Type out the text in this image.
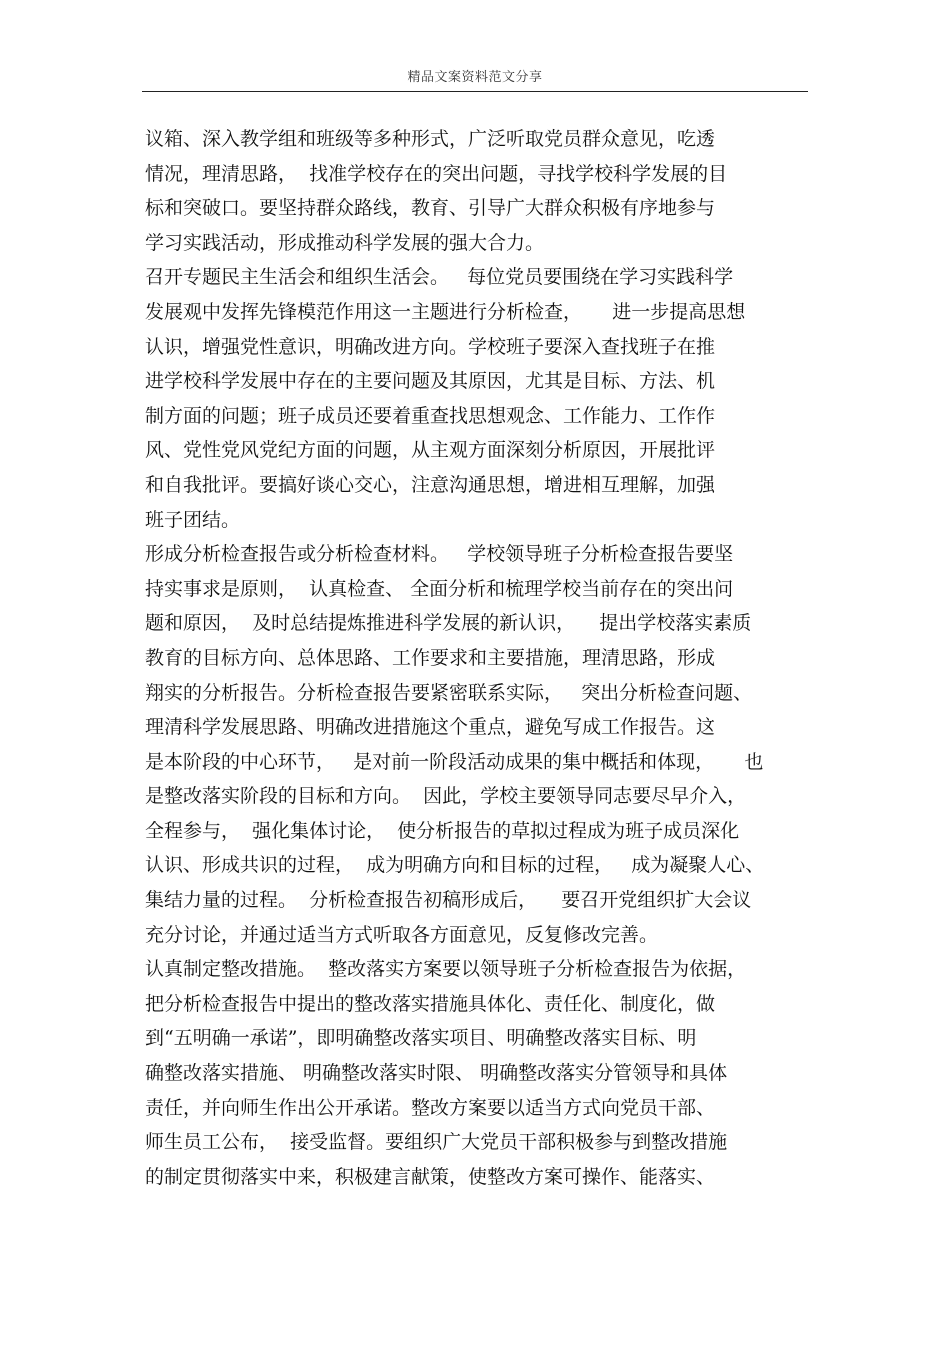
精品文案资料范文分享
议箱、深入教学组和班级等多种形式，广泛听取党员群众意见，吃透
情况，理清思路，  找准学校存在的突出问题，寻找学校科学发展的目
标和突破口。要坚持群众路线，教育、引导广大群众积极有序地参与
学习实践活动，形成推动科学发展的强大合力。
召开专题民主生活会和组织生活会。   每位党员要围绕在学习实践科学
发展观中发挥先锋模范作用这一主题进行分析检查，     进一步提高思想
认识，增强党性意识，明确改进方向。学校班子要深入查找班子在推
进学校科学发展中存在的主要问题及其原因，尤其是目标、方法、机
制方面的问题；班子成员还要着重查找思想观念、工作能力、工作作
风、党性党风党纪方面的问题，从主观方面深刻分析原因，开展批评
和自我批评。要搞好谈心交心，注意沟通思想，增进相互理解，加强
班子团结。
形成分析检查报告或分析检查材料。   学校领导班子分析检查报告要坚
持实事求是原则，  认真检查、 全面分析和梳理学校当前存在的突出问
题和原因，  及时总结提炼推进科学发展的新认识，    提出学校落实素质
教育的目标方向、总体思路、工作要求和主要措施，理清思路，形成
翔实的分析报告。分析检查报告要紧密联系实际，   突出分析检查问题、
理清科学发展思路、明确改进措施这个重点，避免写成工作报告。这
是本阶段的中心环节，   是对前一阶段活动成果的集中概括和体现，     也
是整改落实阶段的目标和方向。  因此，学校主要领导同志要尽早介入，
全程参与，  强化集体讨论，  使分析报告的草拟过程成为班子成员深化
认识、形成共识的过程，  成为明确方向和目标的过程，   成为凝聚人心、
集结力量的过程。  分析检查报告初稿形成后，    要召开党组织扩大会议
充分讨论，并通过适当方式听取各方面意见，反复修改完善。
认真制定整改措施。  整改落实方案要以领导班子分析检查报告为依据，
把分析检查报告中提出的整改落实措施具体化、责任化、制度化，做
到“五明确一承诺”，即明确整改落实项目、明确整改落实目标、明
确整改落实措施、 明确整改落实时限、 明确整改落实分管领导和具体
责任，并向师生作出公开承诺。整改方案要以适当方式向党员干部、
师生员工公布，  接受监督。要组织广大党员干部积极参与到整改措施
的制定贯彻落实中来，积极建言献策，使整改方案可操作、能落实、
